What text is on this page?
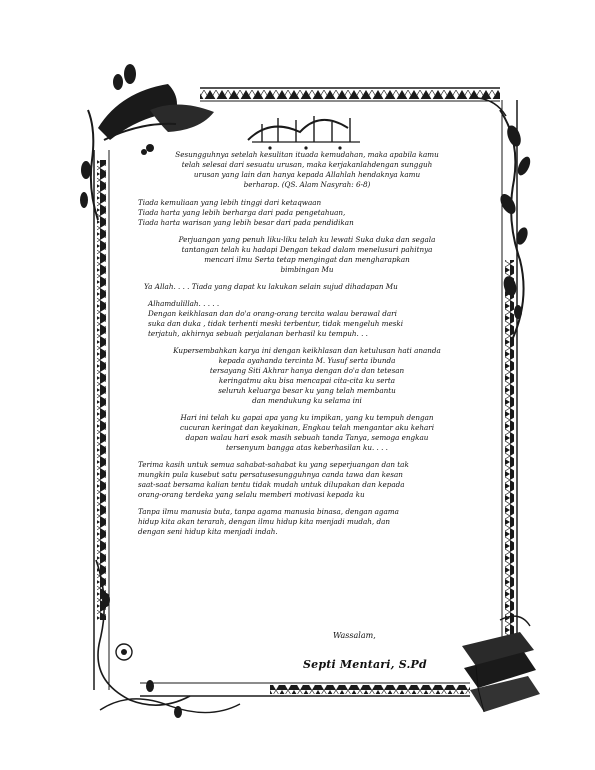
Sesungguhnya setelah kesulitan ituada kemudahan, maka apabila kamu
telah selesai dari sesuatu urusan, maka kerjakanlahdengan sungguh
urusan yang lain dan hanya kepada Allahlah hendaknya kamu
berharap. (QS. Alam Nasyrah: 6-8)
Tiada kemuliaan yang lebih tinggi dari ketaqwaan
Tiada harta yang lebih berharga dari pada pengetahuan,
Tiada harta warisan yang lebih besar dari pada pendidikan
Perjuangan yang penuh liku-liku telah ku lewati Suka duka dan segala
tantangan telah ku hadapi Dengan tekad dalam menelusuri pahitnya
mencari ilmu Serta tetap mengingat dan mengharapkan
bimbingan Mu
Ya Allah. . . . Tiada yang dapat ku lakukan selain sujud dihadapan Mu
Alhamdulillah. . . . .
Dengan keikhlasan dan do'a orang-orang tercita walau berawal dari
suka dan duka , tidak terhenti meski terbentur, tidak mengeluh meski
terjatuh, akhirnya sebuah perjalanan berhasil ku tempuh. . .
Kupersembahkan karya ini dengan keikhlasan dan ketulusan hati ananda
kepada ayahanda tercinta M. Yusuf serta ibunda
tersayang Siti Akhrar hanya dengan do'a dan tetesan
keringatmu aku bisa mencapai cita-cita ku serta
seluruh keluarga besar ku yang telah membantu
dan mendukung ku selama ini
Hari ini telah ku gapai apa yang ku impikan, yang ku tempuh dengan
cucuran keringat dan keyakinan, Engkau telah mengantar aku kehari
dapan walau hari esok masih sebuah tanda Tanya, semoga engkau
tersenyum bangga atas keberhasilan ku. . . .
Terima kasih untuk semua sahabat-sahabat ku yang seperjuangan dan tak
mungkin pula kusebut satu persatusesungguhnya canda tawa dan kesan
saat-saat bersama kalian tentu tidak mudah untuk dilupakan dan kepada
orang-orang terdeka yang selalu memberi motivasi kepada ku
Tanpa ilmu manusia buta, tanpa agama manusia binasa, dengan agama
hidup kita akan terarah, dengan ilmu hidup kita menjadi mudah, dan
dengan seni hidup kita menjadi indah.
Wassalam,
Septi Mentari, S.Pd
